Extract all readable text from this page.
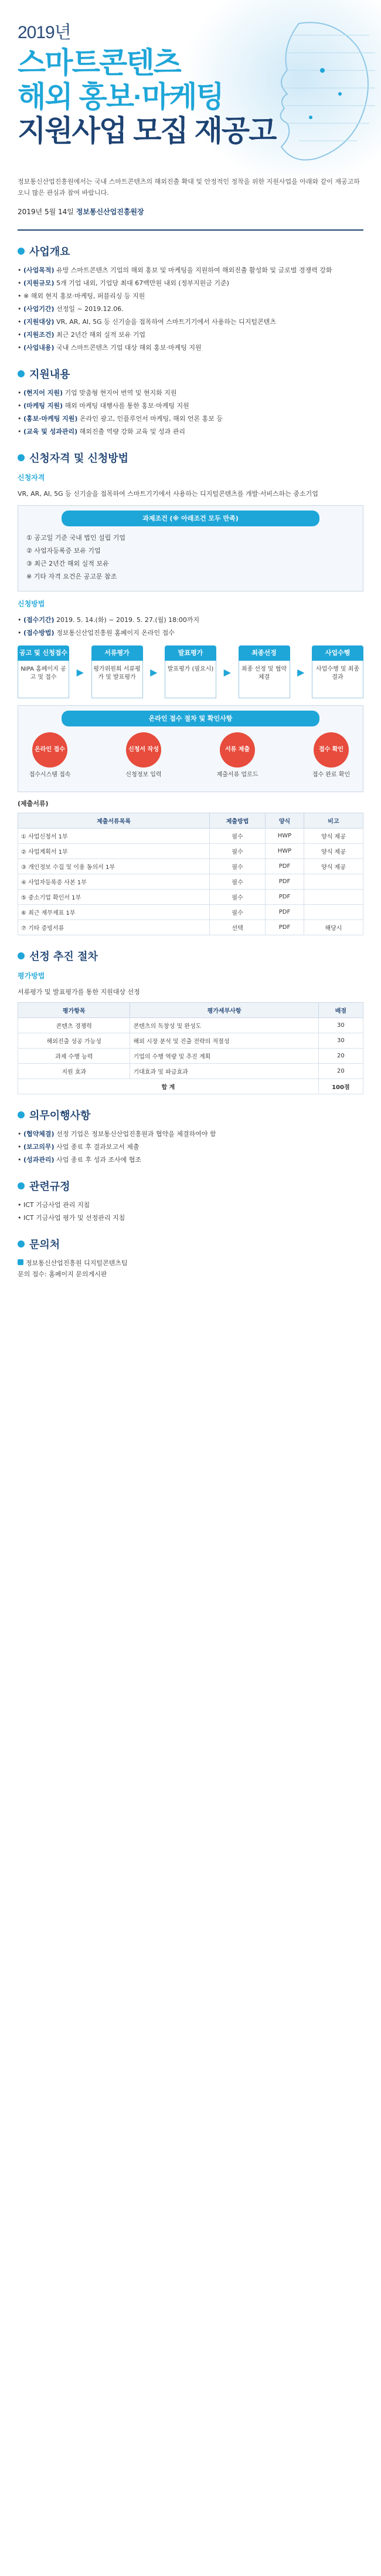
2019년
스마트콘텐츠
해외 홍보·마케팅
지원사업 모집 재공고
정보통신산업진흥원에서는 국내 스마트콘텐츠의 해외진출 확대 및 안정적인 정착을 위한 지원사업을 아래와 같이 재공고하오니 많은 관심과 참여 바랍니다.
2019년 5월 14일 정보통신산업진흥원장
사업개요
• (사업목적) 유망 스마트콘텐츠 기업의 해외 홍보 및 마케팅을 지원하여 해외진출 활성화 및 글로벌 경쟁력 강화
• (지원규모) 5개 기업 내외, 기업당 최대 67백만원 내외 (정부지원금 기준)
• ※ 해외 현지 홍보·마케팅, 퍼블리싱 등 지원
• (사업기간) 선정일 ~ 2019.12.06.
• (지원대상) VR, AR, AI, 5G 등 신기술을 접목하여 스마트기기에서 사용하는 디지털콘텐츠
• (지원조건) 최근 2년간 해외 실적 보유 기업
• (사업내용) 국내 스마트콘텐츠 기업 대상 해외 홍보·마케팅 지원
지원내용
• (현지어 지원) 기업 맞춤형 현지어 번역 및 현지화 지원
• (마케팅 지원) 해외 마케팅 대행사를 통한 홍보·마케팅 지원
• (홍보·마케팅 지원) 온라인 광고, 인플루언서 마케팅, 해외 언론 홍보 등
• (교육 및 성과관리) 해외진출 역량 강화 교육 및 성과 관리
신청자격 및 신청방법
신청자격
VR, AR, AI, 5G 등 신기술을 접목하여 스마트기기에서 사용하는 디지털콘텐츠를 개발·서비스하는 중소기업
과제조건 (※ 아래조건 모두 만족)
① 공고일 기준 국내 법인 설립 기업
② 사업자등록증 보유 기업
③ 최근 2년간 해외 실적 보유
※ 기타 자격 요건은 공고문 참조
신청방법
• (접수기간) 2019. 5. 14.(화) ~ 2019. 5. 27.(월) 18:00까지
• (접수방법) 정보통신산업진흥원 홈페이지 온라인 접수
공고 및 신청접수
NIPA 홈페이지 공고 및 접수	▶
서류평가
평가위원회 서류평가 및 발표평가	▶
발표평가
발표평가 (필요시) ▶
최종선정
최종 선정 및 협약체결	▶
사업수행
사업수행 및 최종결과
온라인 접수 절차 및 확인사항
온라인 접수
접수시스템 접속
신청서 작성
신청정보 입력
서류 제출
제출서류 업로드
접수 확인
접수 완료 확인
(제출서류)
제출서류목록	제출방법	양식	비고
① 사업신청서 1부	필수	HWP	양식 제공
② 사업계획서 1부	필수	HWP	양식 제공
③ 개인정보 수집 및 이용 동의서 1부	필수	PDF	양식 제공
④ 사업자등록증 사본 1부	필수	PDF	
⑤ 중소기업 확인서 1부	필수	PDF	
⑥ 최근 재무제표 1부	필수	PDF	
⑦ 기타 증빙서류	선택	PDF	해당시
선정 추진 절차
평가방법
서류평가 및 발표평가를 통한 지원대상 선정
평가항목	평가세부사항	배점
콘텐츠 경쟁력	콘텐츠의 독창성 및 완성도	30
해외진출 성공 가능성	해외 시장 분석 및 진출 전략의 적절성	30
과제 수행 능력	기업의 수행 역량 및 추진 계획	20
지원 효과	기대효과 및 파급효과	20
합 계		100점
의무이행사항
• (협약체결) 선정 기업은 정보통신산업진흥원과 협약을 체결하여야 함
• (보고의무) 사업 종료 후 결과보고서 제출
• (성과관리) 사업 종료 후 성과 조사에 협조
관련규정
• ICT 기금사업 관리 지침
• ICT 기금사업 평가 및 선정관리 지침
문의처
정보통신산업진흥원 디지털콘텐츠팀
문의 접수: 홈페이지 문의게시판
